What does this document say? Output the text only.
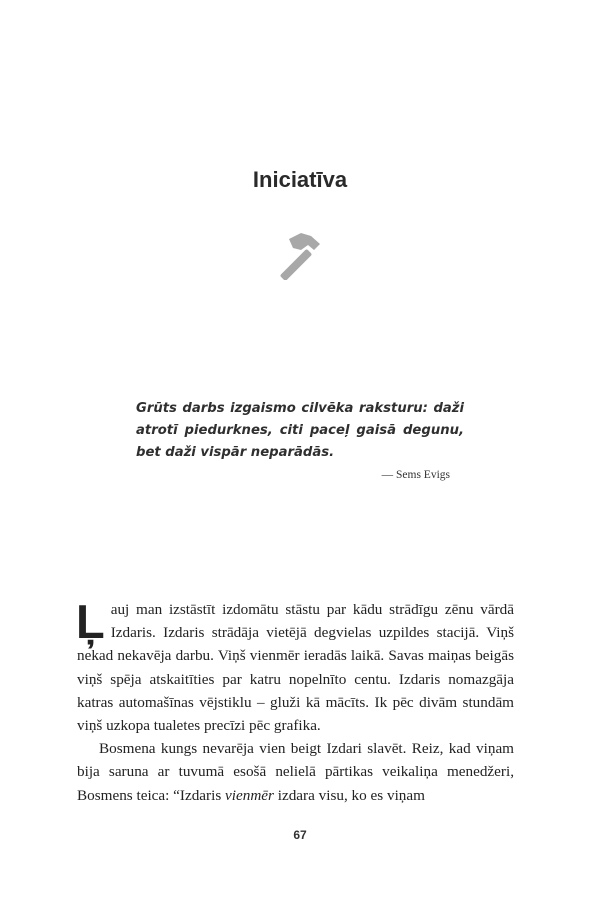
Iniciatīva

Grūts darbs izgaismo cilvēka raksturu: daži atrotī piedurknes, citi paceļ gaisā degunu, bet daži vispār neparādās.

— Sems Evigs

Ļauj man izstāstīt izdomātu stāstu par kādu strādīgu zēnu vārdā Izdaris. Izdaris strādāja vietējā degvielas uzpildes stacijā. Viņš nekad nekavēja darbu. Viņš vienmēr ieradās laikā. Savas maiņas beigās viņš spēja atskaitīties par katru nopelnīto centu. Izdaris nomazgāja katras automašīnas vējstiklu – gluži kā mācīts. Ik pēc divām stundām viņš uzkopa tualetes precīzi pēc grafika.

Bosmena kungs nevarēja vien beigt Izdari slavēt. Reiz, kad viņam bija saruna ar tuvumā esošā nelielā pārtikas veikaliņa menedžeri, Bosmens teica: “Izdaris vienmēr izdara visu, ko es viņam

67
